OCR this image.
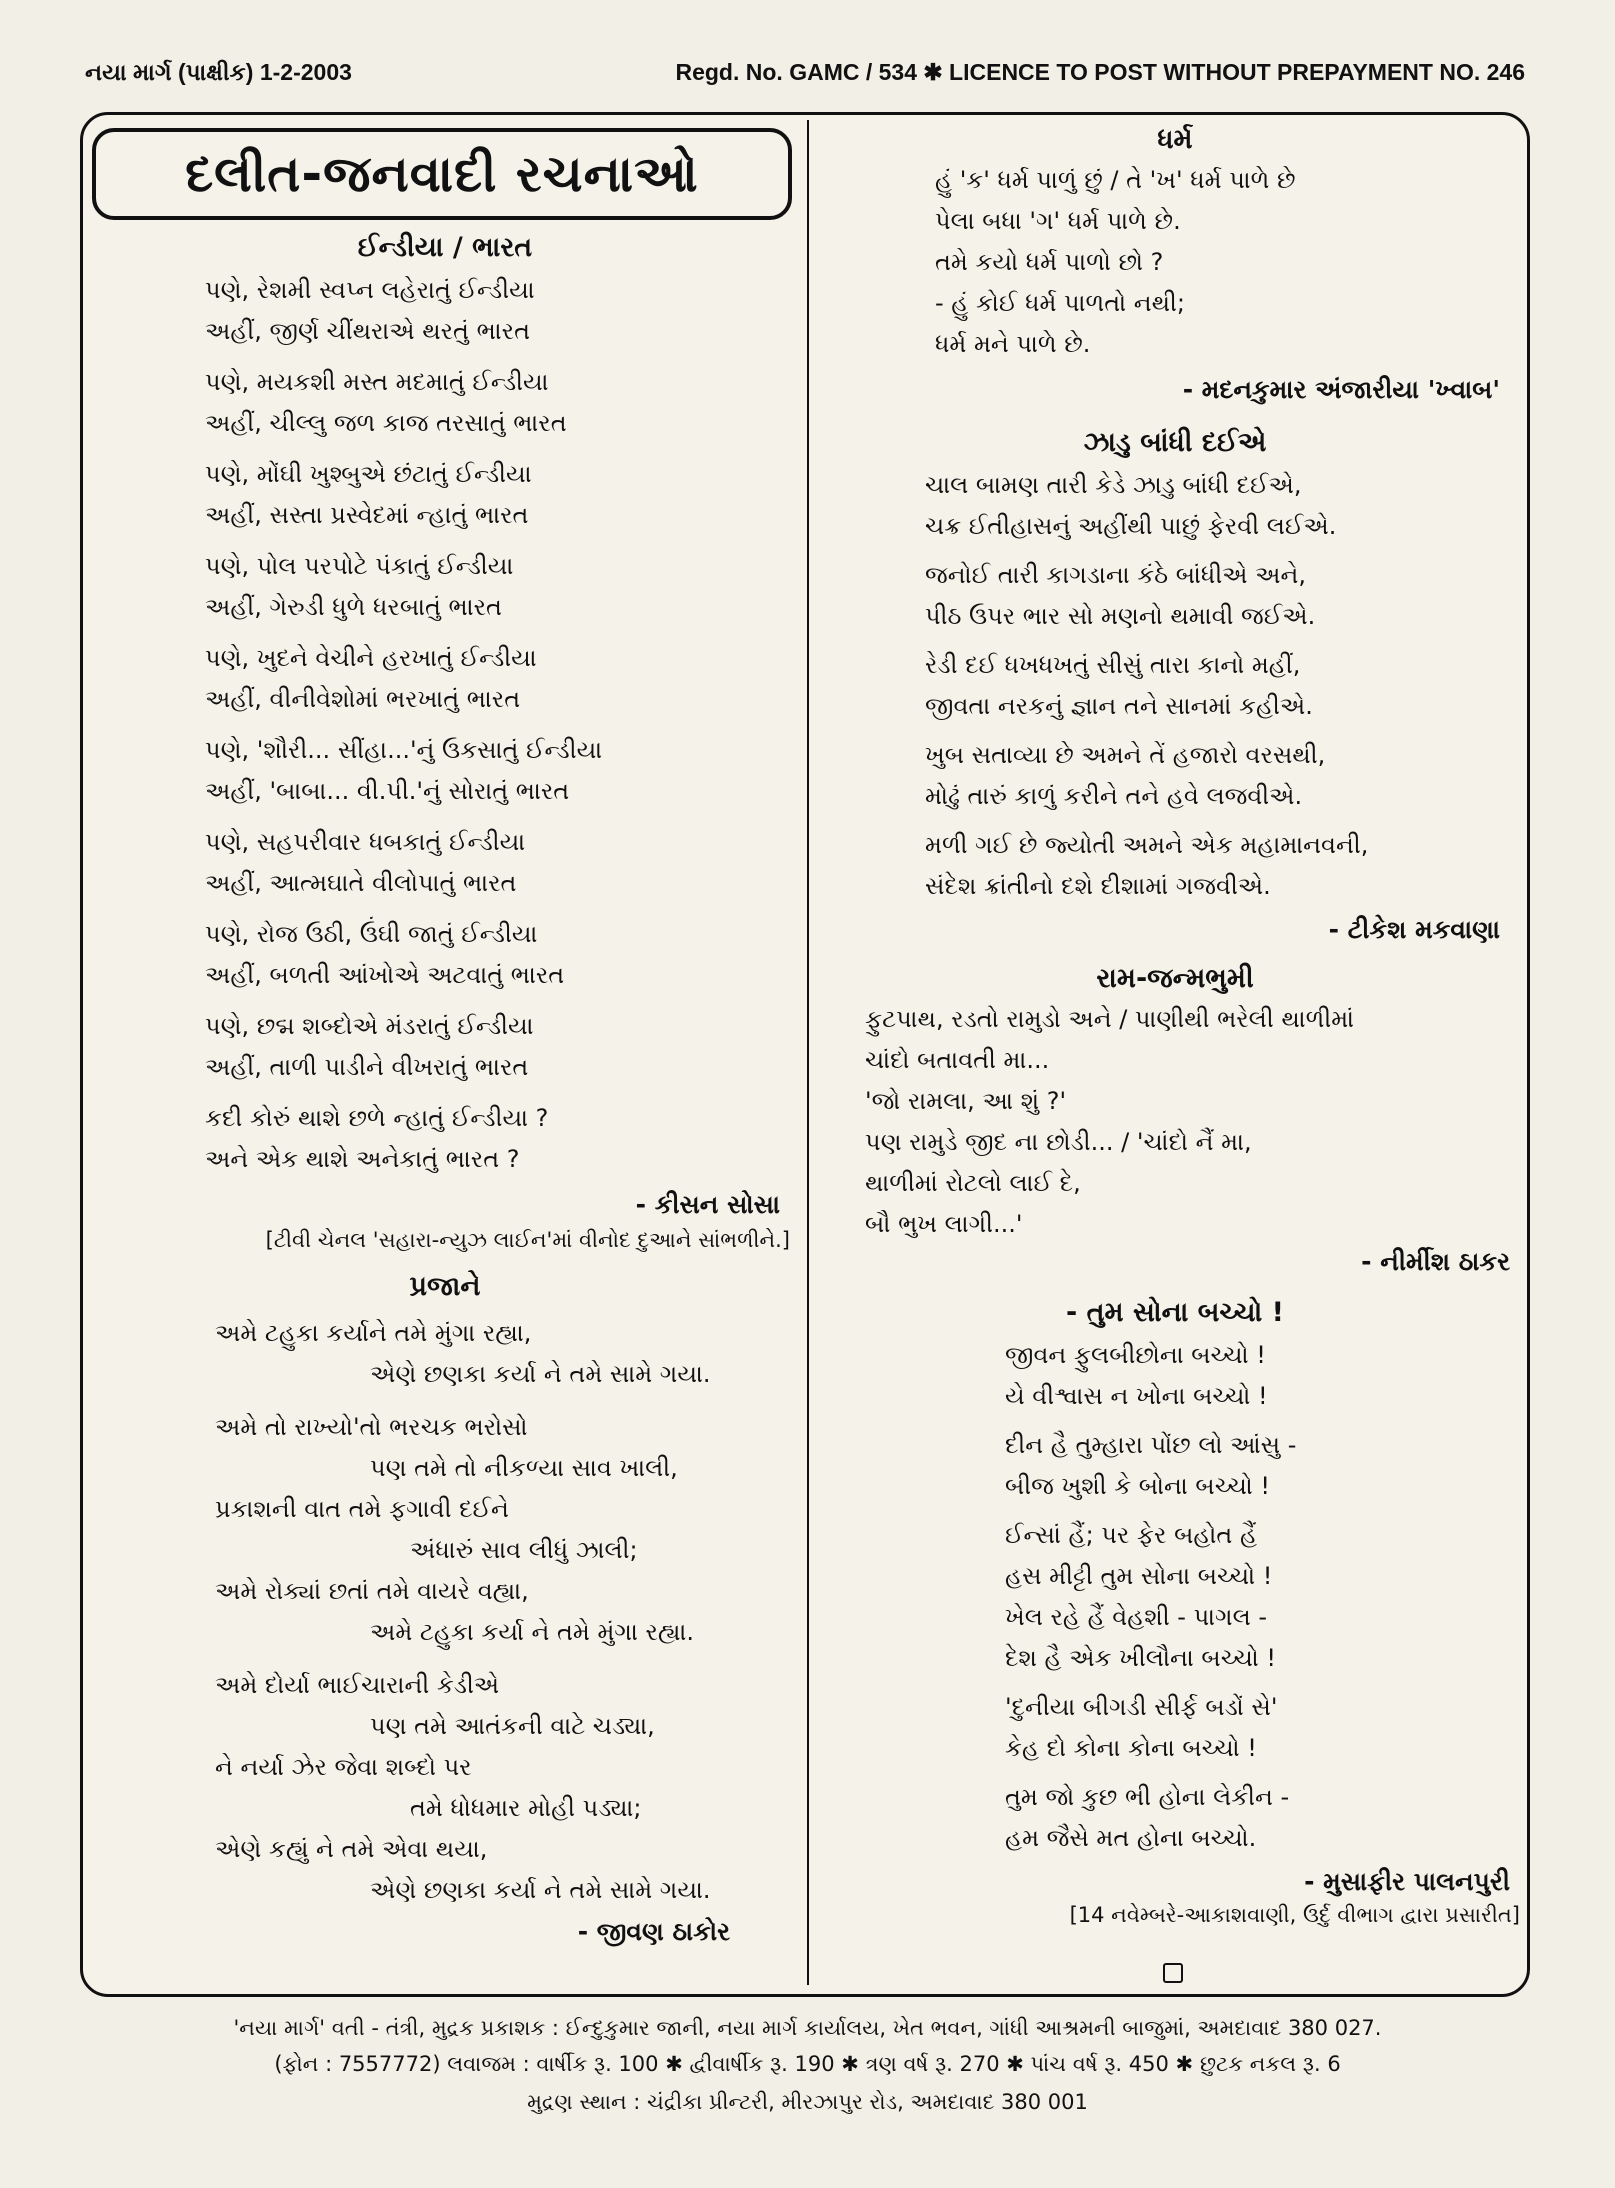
નયા માર્ગ (પાક્ષીક) 1-2-2003	Regd. No. GAMC / 534 ✱ LICENCE TO POST WITHOUT PREPAYMENT NO. 246
દલીત-જનવાદી રચનાઓ
ઈન્ડીયા / ભારત
પણે, રેશમી સ્વપ્ન લહેરાતું ઈન્ડીયા
અહીં, જીર્ણ ચીંથરાએ થરતું ભારત
પણે, મયકશી મસ્ત મદમાતું ઈન્ડીયા
અહીં, ચીલ્લુ જળ કાજ તરસાતું ભારત
પણે, મોંઘી ખુશ્બુએ છંટાતું ઈન્ડીયા
અહીં, સસ્તા પ્રસ્વેદમાં ન્હાતું ભારત
પણે, પોલ પરપોટે પંકાતું ઈન્ડીયા
અહીં, ગેરુડી ધુળે ધરબાતું ભારત
પણે, ખુદને વેચીને હરખાતું ઈન્ડીયા
અહીં, વીનીવેશોમાં ભરખાતું ભારત
પણે, 'શૌરી... સીંહા...'નું ઉકસાતું ઈન્ડીયા
અહીં, 'બાબા... વી.પી.'નું સોરાતું ભારત
પણે, સહપરીવાર ધબકાતું ઈન્ડીયા
અહીં, આત્મઘાતે વીલોપાતું ભારત
પણે, રોજ ઉઠી, ઉંઘી જાતું ઈન્ડીયા
અહીં, બળતી આંખોએ અટવાતું ભારત
પણે, છદ્મ શબ્દોએ મંડરાતું ઈન્ડીયા
અહીં, તાળી પાડીને વીખરાતું ભારત
કદી કોરું થાશે છળે ન્હાતું ઈન્ડીયા ?
અને એક થાશે અનેકાતું ભારત ?
- કીસન સોસા
[ટીવી ચેનલ 'સહારા-ન્યુઝ લાઈન'માં વીનોદ દુઆને સાંભળીને.]
પ્રજાને
અમે ટહુકા કર્યાને તમે મુંગા રહ્યા,
એણે છણકા કર્યા ને તમે સામે ગયા.
અમે તો રાખ્યો'તો ભરચક ભરોસો
પણ તમે તો નીકળ્યા સાવ ખાલી,
પ્રકાશની વાત તમે ફગાવી દઈને
અંધારું સાવ લીધું ઝાલી;
અમે રોક્યાં છતાં તમે વાયરે વહ્યા,
અમે ટહુકા કર્યા ને તમે મુંગા રહ્યા.
અમે દોર્યા ભાઈચારાની કેડીએ
પણ તમે આતંકની વાટે ચડ્યા,
ને નર્યા ઝેર જેવા શબ્દો પર
તમે ધોધમાર મોહી પડ્યા;
એણે કહ્યું ને તમે એવા થયા,
એણે છણકા કર્યા ને તમે સામે ગયા.
- જીવણ ઠાકોર
ધર્મ
હું 'ક' ધર્મ પાળું છું / તે 'ખ' ધર્મ પાળે છે
પેલા બધા 'ગ' ધર્મ પાળે છે.
તમે કયો ધર્મ પાળો છો ?
- હું કોઈ ધર્મ પાળતો નથી;
ધર્મ મને પાળે છે.
- મદનકુમાર અંજારીયા 'ખ્વાબ'
ઝાડુ બાંધી દઈએ
ચાલ બામણ તારી કેડે ઝાડુ બાંધી દઈએ,
ચક્ર ઈતીહાસનું અહીંથી પાછું ફેરવી લઈએ.
જનોઈ તારી કાગડાના કંઠે બાંધીએ અને,
પીઠ ઉપર ભાર સો મણનો થમાવી જઈએ.
રેડી દઈ ધખધખતું સીસું તારા કાનો મહીં,
જીવતા નરકનું જ્ઞાન તને સાનમાં કહીએ.
ખુબ સતાવ્યા છે અમને તેં હજારો વરસથી,
મોઢું તારું કાળું કરીને તને હવે લજવીએ.
મળી ગઈ છે જ્યોતી અમને એક મહામાનવની,
સંદેશ ક્રાંતીનો દશે દીશામાં ગજવીએ.
- ટીકેશ મકવાણા
રામ-જન્મભુમી
ફુટપાથ, રડતો રામુડો અને / પાણીથી ભરેલી થાળીમાં
ચાંદો બતાવતી મા...
'જો રામલા, આ શું ?'
પણ રામુડે જીદ ના છોડી... / 'ચાંદો નૈં મા,
થાળીમાં રોટલો લાઈ દે,
બૌ ભુખ લાગી...'
- નીર્મીશ ઠાકર
- તુમ સોના બચ્ચો !
જીવન ફુલબીછોના બચ્ચો !
યે વીશ્વાસ ન ખોના બચ્ચો !
દીન હૈ તુમ્હારા પોંછ લો આંસુ -
બીજ ખુશી કે બોના બચ્ચો !
ઈન્સાં હૈં; પર ફેર બહોત હૈં
હસ મીટ્ટી તુમ સોના બચ્ચો !
ખેલ રહે હૈં વેહશી - પાગલ -
દેશ હૈ એક ખીલૌના બચ્ચો !
'દુનીયા બીગડી સીર્ફ બડોં સે'
કેહ દો કોના કોના બચ્ચો !
તુમ જો કુછ ભી હોના લેકીન -
હમ જૈસે મત હોના બચ્ચો.
- મુસાફીર પાલનપુરી
[14 નવેમ્બરે-આકાશવાણી, ઉર્દુ વીભાગ દ્વારા પ્રસારીત]
'નયા માર્ગ' વતી - તંત્રી, મુદ્રક પ્રકાશક : ઈન્દુકુમાર જાની, નયા માર્ગ કાર્યાલય, ખેત ભવન, ગાંધી આશ્રમની બાજુમાં, અમદાવાદ 380 027.
(ફોન : 7557772) લવાજમ : વાર્ષીક રૂ. 100 ✱ દ્વીવાર્ષીક રૂ. 190 ✱ ત્રણ વર્ષ રૂ. 270 ✱ પાંચ વર્ષ રૂ. 450 ✱ છુટક નકલ રૂ. 6
મુદ્રણ સ્થાન : ચંદ્રીકા પ્રીન્ટરી, મીરઝાપુર રોડ, અમદાવાદ 380 001
